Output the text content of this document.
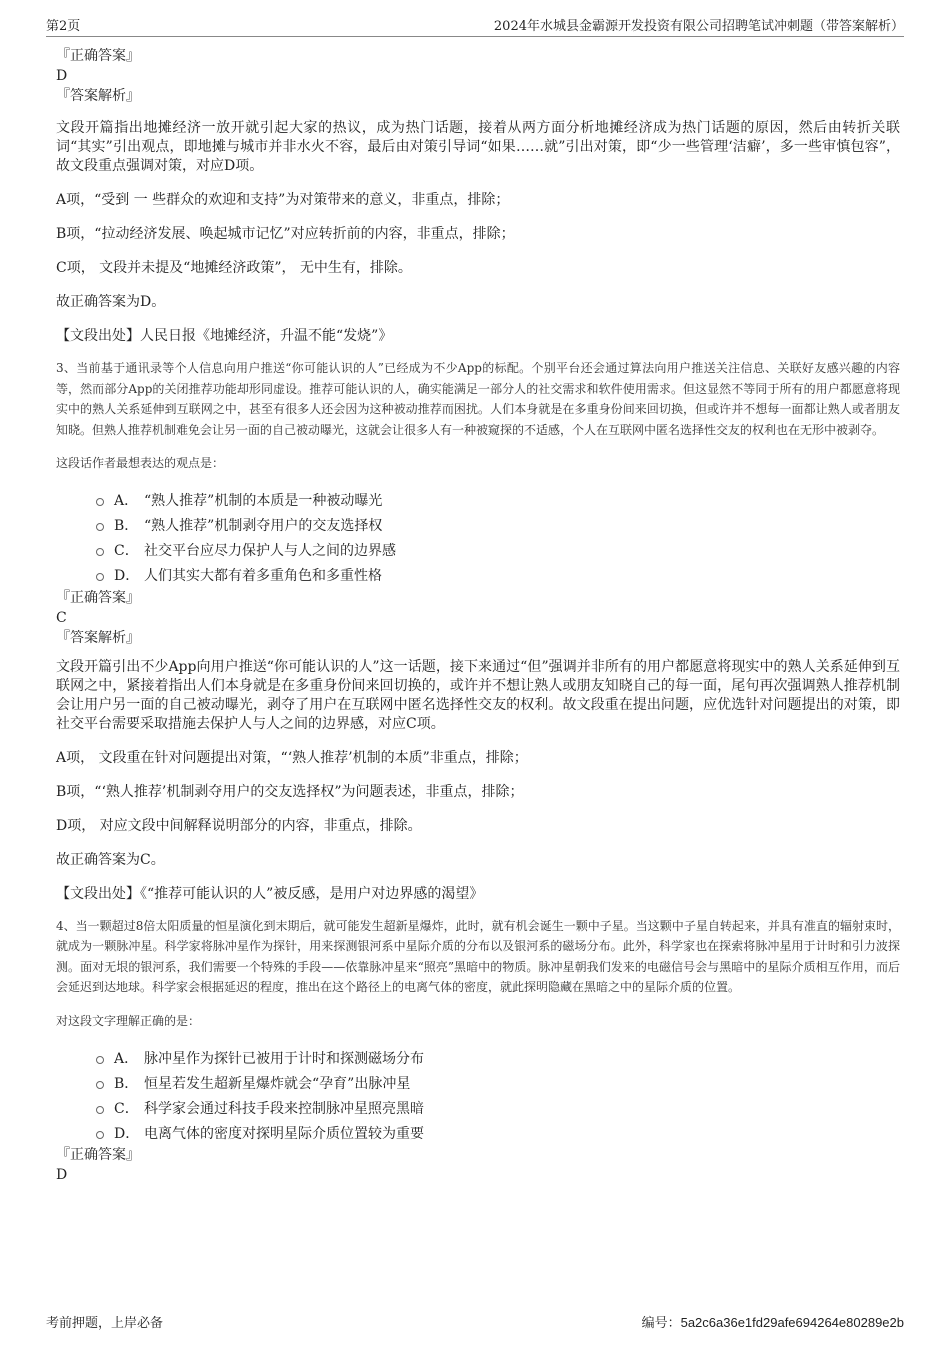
第2页	2024年水城县金霸源开发投资有限公司招聘笔试冲刺题（带答案解析）

『正确答案』

D

『答案解析』

文段开篇指出地摊经济一放开就引起大家的热议，成为热门话题，接着从两方面分析地摊经济成为热门话题的原因，然后由转折关联词“其实”引出观点，即地摊与城市并非水火不容，最后由对策引导词“如果……就”引出对策，即“少一些管理‘洁癖’，多一些审慎包容”，故文段重点强调对策，对应D项。

A项，“受到 一 些群众的欢迎和支持”为对策带来的意义，非重点，排除；

B项，“拉动经济发展、唤起城市记忆”对应转折前的内容，非重点，排除；

C项， 文段并未提及“地摊经济政策”， 无中生有，排除。

故正确答案为D。

【文段出处】人民日报《地摊经济，升温不能“发烧”》

3、当前基于通讯录等个人信息向用户推送“你可能认识的人”已经成为不少App的标配。个别平台还会通过算法向用户推送关注信息、关联好友感兴趣的内容等，然而部分App的关闭推荐功能却形同虚设。推荐可能认识的人，确实能满足一部分人的社交需求和软件使用需求。但这显然不等同于所有的用户都愿意将现实中的熟人关系延伸到互联网之中，甚至有很多人还会因为这种被动推荐而困扰。人们本身就是在多重身份间来回切换，但或许并不想每一面都让熟人或者朋友知晓。但熟人推荐机制难免会让另一面的自己被动曝光，这就会让很多人有一种被窥探的不适感，个人在互联网中匿名选择性交友的权利也在无形中被剥夺。

这段话作者最想表达的观点是：

A． “熟人推荐”机制的本质是一种被动曝光
B． “熟人推荐”机制剥夺用户的交友选择权
C． 社交平台应尽力保护人与人之间的边界感
D． 人们其实大都有着多重角色和多重性格

『正确答案』

C

『答案解析』

文段开篇引出不少App向用户推送“你可能认识的人”这一话题，接下来通过“但”强调并非所有的用户都愿意将现实中的熟人关系延伸到互联网之中，紧接着指出人们本身就是在多重身份间来回切换的，或许并不想让熟人或朋友知晓自己的每一面，尾句再次强调熟人推荐机制会让用户另一面的自己被动曝光，剥夺了用户在互联网中匿名选择性交友的权利。故文段重在提出问题，应优选针对问题提出的对策，即社交平台需要采取措施去保护人与人之间的边界感，对应C项。

A项， 文段重在针对问题提出对策，“‘熟人推荐’机制的本质”非重点，排除；

B项，“‘熟人推荐’机制剥夺用户的交友选择权”为问题表述，非重点，排除；

D项， 对应文段中间解释说明部分的内容，非重点，排除。

故正确答案为C。

【文段出处】《“推荐可能认识的人”被反感，是用户对边界感的渴望》

4、当一颗超过8倍太阳质量的恒星演化到末期后，就可能发生超新星爆炸，此时，就有机会诞生一颗中子星。当这颗中子星自转起来，并具有准直的辐射束时，就成为一颗脉冲星。科学家将脉冲星作为探针，用来探测银河系中星际介质的分布以及银河系的磁场分布。此外，科学家也在探索将脉冲星用于计时和引力波探测。面对无垠的银河系，我们需要一个特殊的手段——依靠脉冲星来“照亮”黑暗中的物质。脉冲星朝我们发来的电磁信号会与黑暗中的星际介质相互作用，而后会延迟到达地球。科学家会根据延迟的程度，推出在这个路径上的电离气体的密度，就此探明隐藏在黑暗之中的星际介质的位置。

对这段文字理解正确的是：

A． 脉冲星作为探针已被用于计时和探测磁场分布
B． 恒星若发生超新星爆炸就会“孕育”出脉冲星
C． 科学家会通过科技手段来控制脉冲星照亮黑暗
D． 电离气体的密度对探明星际介质位置较为重要

『正确答案』

D

考前押题，上岸必备	编号：5a2c6a36e1fd29afe694264e80289e2b
